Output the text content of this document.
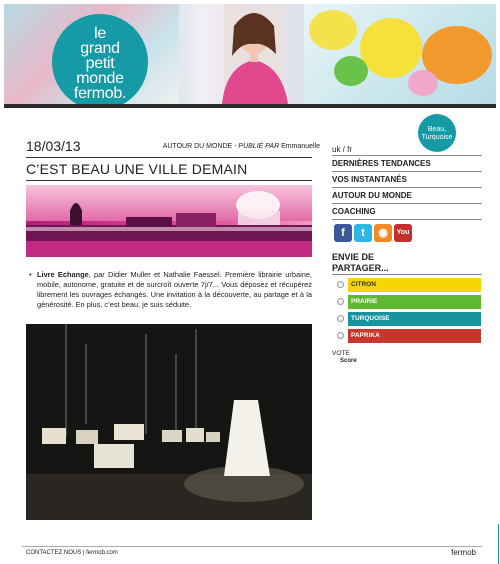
le
grand
petit
monde
fermob.
Beau,
Turquoise
18/03/13	AUTOUR DU MONDE - PUBLIÉ PAR Emmanuelle
C’EST BEAU UNE VILLE DEMAIN
• Livre Echange, par Didier Muller et Nathalie Faessel. Première librairie urbaine, mobile, autonome, gratuite et de surcroît ouverte 7j/7... Vous déposez et récupérez librement les ouvrages échangés. Une invitation à la découverte, au partage et à la générosité. En plus, c’est beau, je suis séduite.
uk / fr
DERNIÈRES TENDANCES
VOS INSTANTANÉS
AUTOUR DU MONDE
COACHING
f	t	◉	You
ENVIE DE
PARTAGER...
CITRON
PRAIRIE
TURQUOISE
PAPRIKA
VOTE
Score
CONTACTEZ NOUS | fermob.com	fermob
